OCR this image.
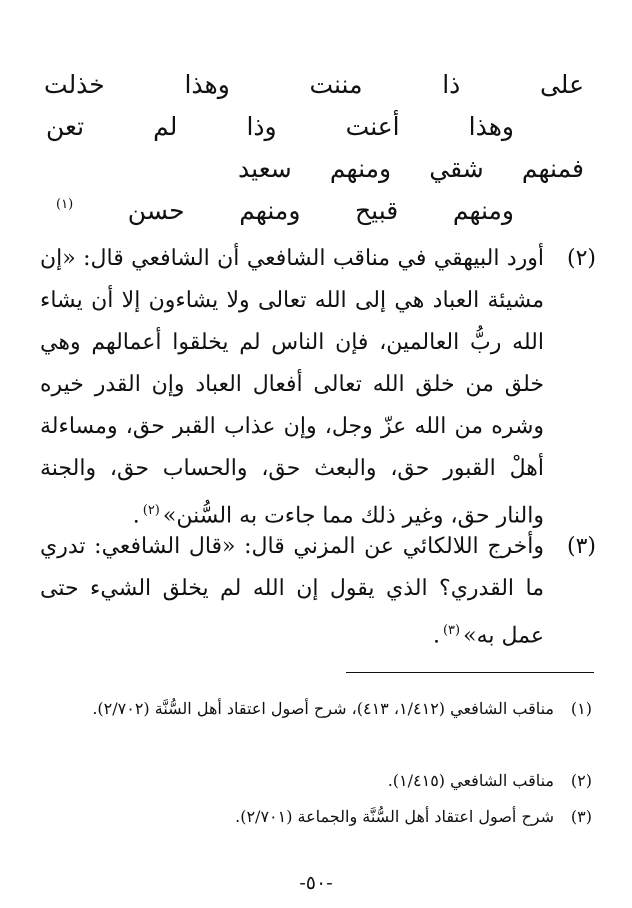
على
ذا
مننت
وهذا
خذلت
وهذا
أعنت
وذا
لم
تعن
فمنهم
شقي
ومنهم
سعيد
ومنهم
قبيح
ومنهم
حسن
(١)
(٢)
أورد البيهقي في مناقب الشافعي أن الشافعي قال: «إن مشيئة العباد هي إلى الله تعالى ولا يشاءون إلا أن يشاء الله ربُّ العالمين، فإن الناس لم يخلقوا أعمالهم وهي خلق من خلق الله تعالى أفعال العباد وإن القدر خيره وشره من الله عزّ وجل، وإن عذاب القبر حق، ومساءلة أهلْ القبور حق، والبعث حق، والحساب حق، والجنة والنار حق، وغير ذلك مما جاءت به السُّنن»$^{(٢)}$.
(٣)
وأخرج اللالكائي عن المزني قال: «قال الشافعي: تدري ما القدري؟ الذي يقول إن الله لم يخلق الشيء حتى عمل به»$^{(٣)}$.
(١)
مناقب الشافعي (١/٤١٢، ٤١٣)، شرح أصول اعتقاد أهل السُّنَّة (٢/٧٠٢).
(٢)
مناقب الشافعي (١/٤١٥).
(٣)
شرح أصول اعتقاد أهل السُّنَّة والجماعة (٢/٧٠١).
-٥٠-
